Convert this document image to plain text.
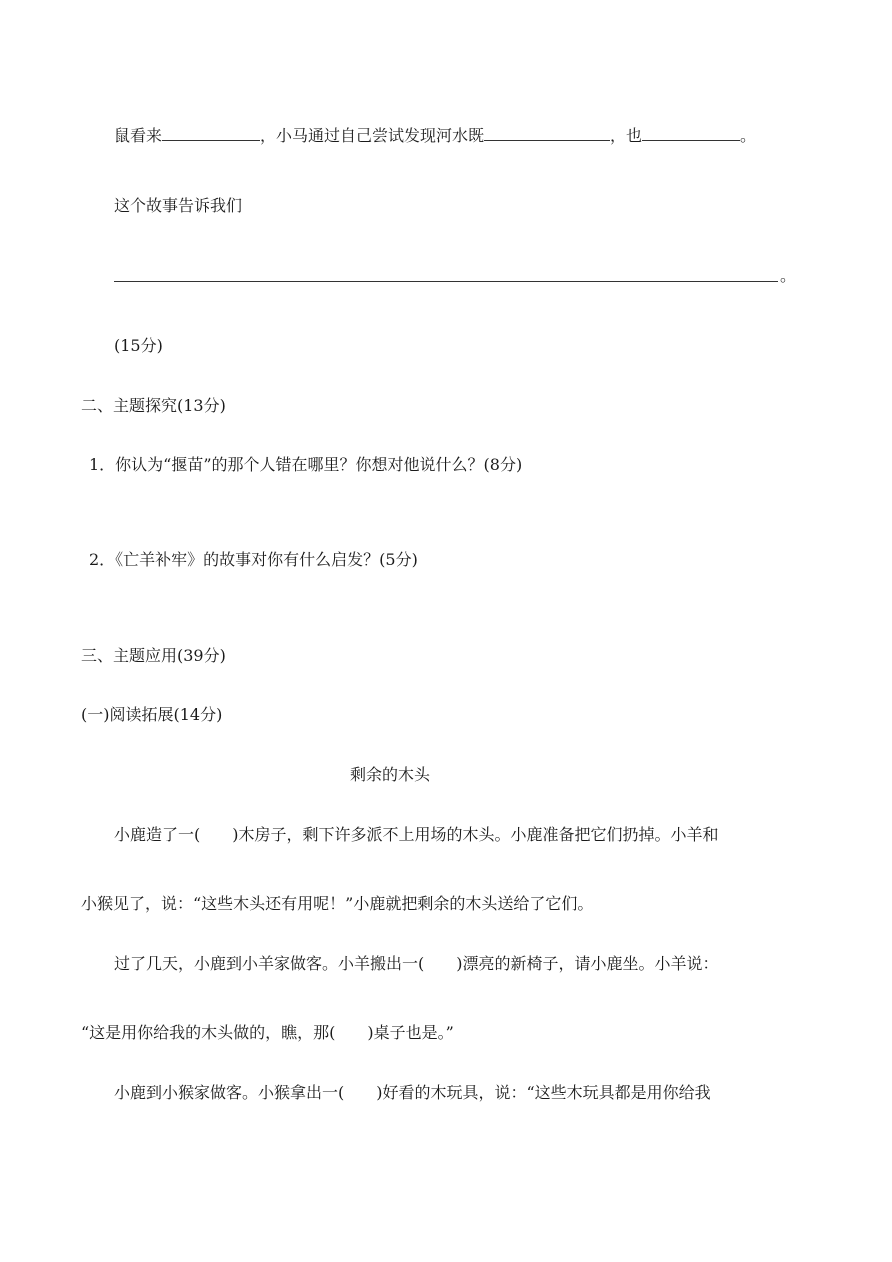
鼠看来	，小马通过自己尝试发现河水既	，也	。
这个故事告诉我们
。
(15分)
二、主题探究(13分)
1．你认为“揠苗”的那个人错在哪里？你想对他说什么？(8分)
2．《亡羊补牢》的故事对你有什么启发？(5分)
三、主题应用(39分)
(一)阅读拓展(14分)
剩余的木头
小鹿造了一(　　)木房子，剩下许多派不上用场的木头。小鹿准备把它们扔掉。小羊和
小猴见了，说：“这些木头还有用呢！”小鹿就把剩余的木头送给了它们。
过了几天，小鹿到小羊家做客。小羊搬出一(　　)漂亮的新椅子，请小鹿坐。小羊说：
“这是用你给我的木头做的，瞧，那(　　)桌子也是。”
小鹿到小猴家做客。小猴拿出一(　　)好看的木玩具，说：“这些木玩具都是用你给我
